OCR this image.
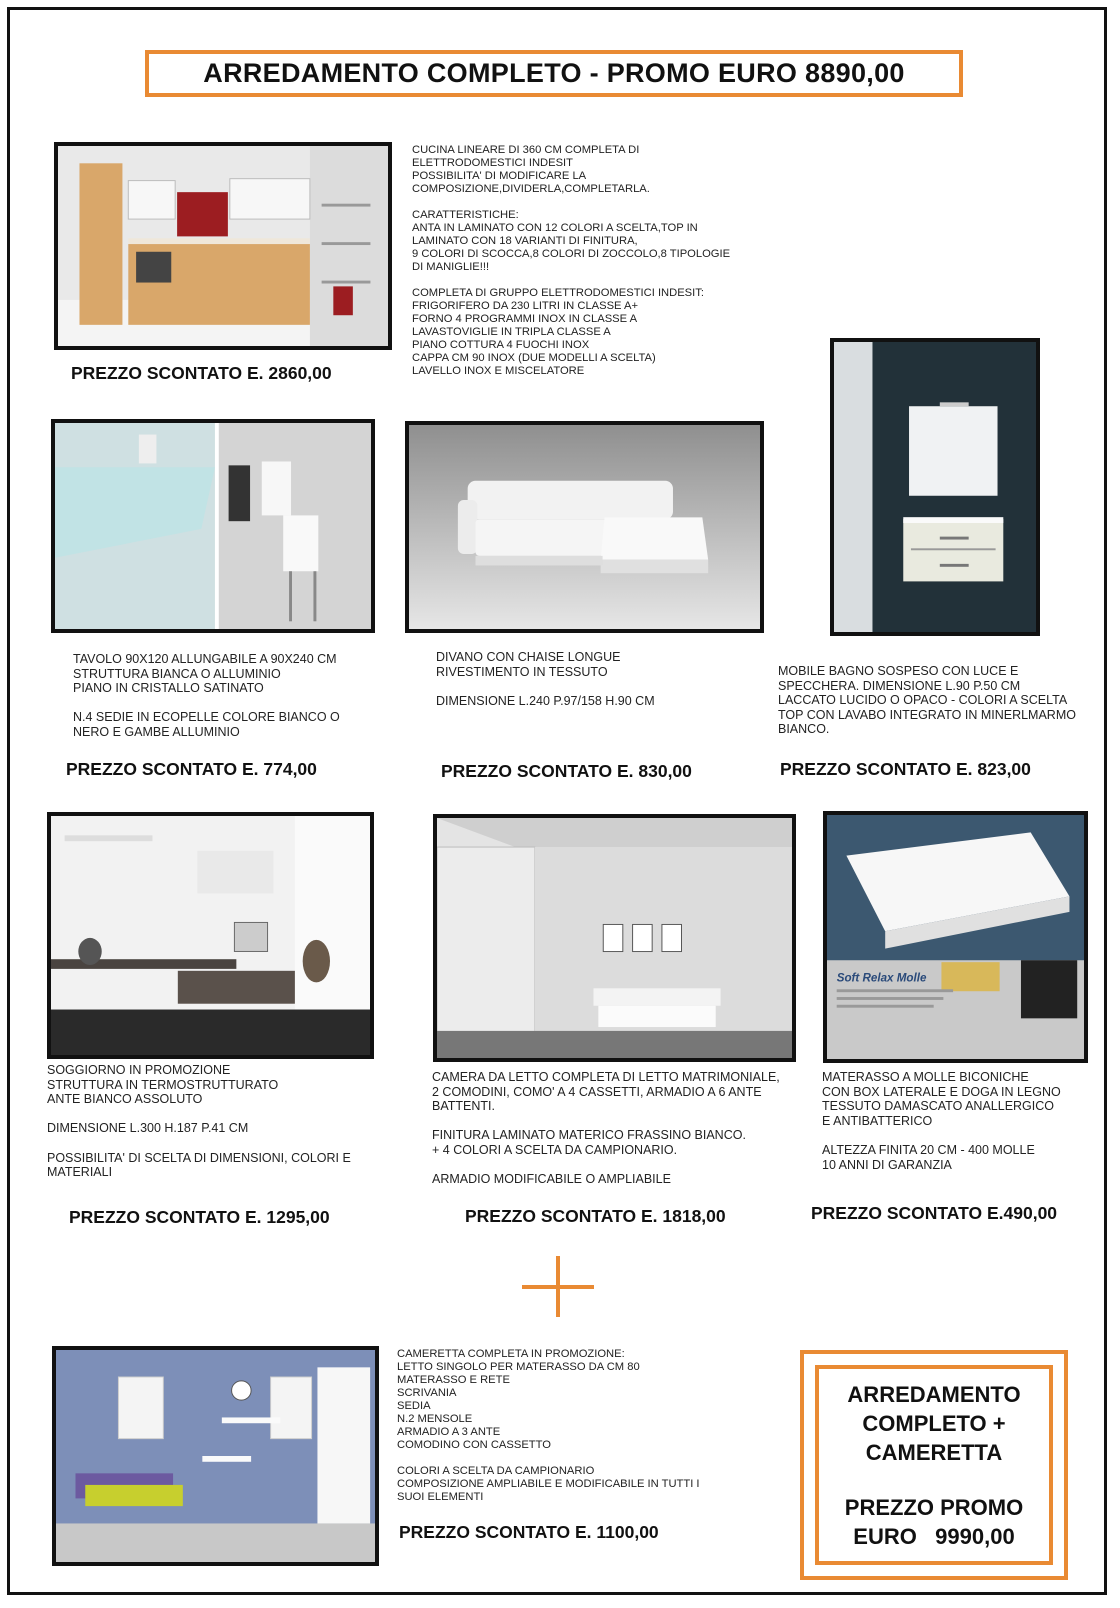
ARREDAMENTO COMPLETO - PROMO EURO 8890,00
CUCINA LINEARE DI 360 CM COMPLETA DI
ELETTRODOMESTICI INDESIT
POSSIBILITA' DI MODIFICARE LA
COMPOSIZIONE,DIVIDERLA,COMPLETARLA.

CARATTERISTICHE:
ANTA IN LAMINATO CON 12 COLORI A SCELTA,TOP IN
LAMINATO CON 18 VARIANTI DI FINITURA,
9 COLORI DI SCOCCA,8 COLORI DI ZOCCOLO,8 TIPOLOGIE
DI MANIGLIE!!!

COMPLETA DI GRUPPO ELETTRODOMESTICI INDESIT:
FRIGORIFERO DA 230 LITRI IN CLASSE A+
FORNO 4 PROGRAMMI INOX IN CLASSE A
LAVASTOVIGLIE IN TRIPLA CLASSE A
PIANO COTTURA 4 FUOCHI INOX
CAPPA CM 90 INOX (DUE MODELLI A SCELTA)
LAVELLO INOX E MISCELATORE
PREZZO SCONTATO E. 2860,00
TAVOLO 90X120 ALLUNGABILE A 90X240 CM
STRUTTURA BIANCA O ALLUMINIO
PIANO IN CRISTALLO SATINATO

N.4 SEDIE IN ECOPELLE COLORE BIANCO O
NERO E GAMBE ALLUMINIO
PREZZO SCONTATO E. 774,00
DIVANO CON CHAISE LONGUE
RIVESTIMENTO IN TESSUTO

DIMENSIONE L.240 P.97/158 H.90 CM
PREZZO SCONTATO E. 830,00
MOBILE BAGNO SOSPESO CON LUCE E
SPECCHERA. DIMENSIONE L.90 P.50 CM
LACCATO LUCIDO O OPACO - COLORI A SCELTA
TOP CON LAVABO INTEGRATO IN MINERLMARMO
BIANCO.
PREZZO SCONTATO E. 823,00
SOGGIORNO IN PROMOZIONE
STRUTTURA IN TERMOSTRUTTURATO
ANTE BIANCO ASSOLUTO

DIMENSIONE L.300 H.187 P.41 CM

POSSIBILITA' DI SCELTA DI DIMENSIONI, COLORI E
MATERIALI
PREZZO SCONTATO E. 1295,00
CAMERA DA LETTO COMPLETA DI LETTO MATRIMONIALE,
2 COMODINI, COMO' A 4 CASSETTI, ARMADIO A 6 ANTE
BATTENTI.

FINITURA LAMINATO MATERICO FRASSINO BIANCO.
+ 4 COLORI A SCELTA DA CAMPIONARIO.

ARMADIO MODIFICABILE O AMPLIABILE
PREZZO SCONTATO E. 1818,00
Soft Relax Molle
MATERASSO A MOLLE BICONICHE
CON BOX LATERALE E DOGA IN LEGNO
TESSUTO DAMASCATO ANALLERGICO
E ANTIBATTERICO

ALTEZZA FINITA 20 CM - 400 MOLLE
10 ANNI DI GARANZIA
PREZZO SCONTATO E.490,00
CAMERETTA COMPLETA IN PROMOZIONE:
LETTO SINGOLO PER MATERASSO DA CM 80
MATERASSO E RETE
SCRIVANIA
SEDIA
N.2 MENSOLE
ARMADIO A 3 ANTE
COMODINO CON CASSETTO

COLORI A SCELTA DA CAMPIONARIO
COMPOSIZIONE AMPLIABILE E MODIFICABILE IN TUTTI I
SUOI ELEMENTI
PREZZO SCONTATO E. 1100,00
ARREDAMENTO
COMPLETO +
CAMERETTA
PREZZO PROMO
EURO   9990,00
